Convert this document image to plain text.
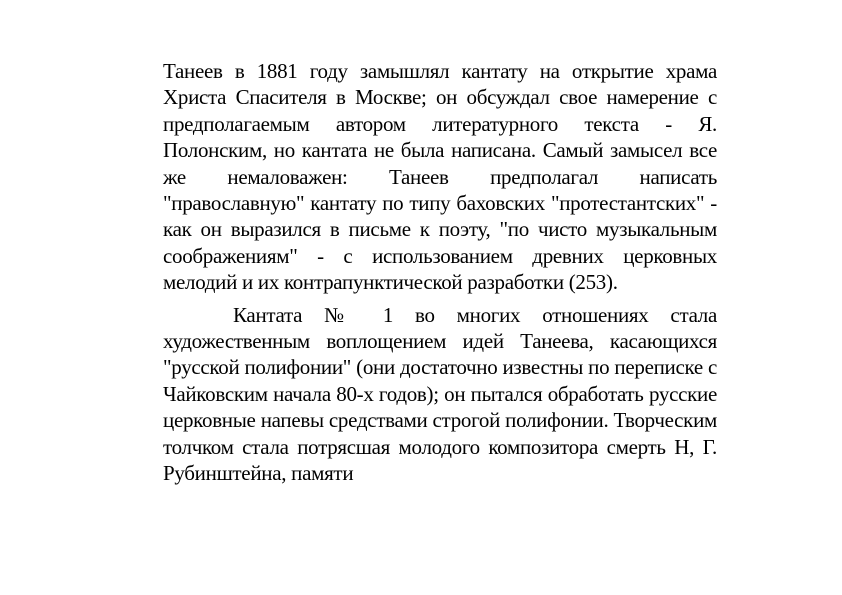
Танеев в 1881 году замышлял кантату на открытие храма Христа Спасителя в Москве; он обсуждал свое намерение с предполагаемым автором литературного текста - Я. Полонским, но кантата не была написана. Самый замысел все же немаловажен: Танеев предполагал написать "православную" кантату по типу баховских "протестантских" - как он выразился в письме к поэту, "по чисто музыкальным соображениям" - с использованием древних церковных мелодий и их контрапунктической разработки (253).

Кантата № 1 во многих отношениях стала художественным воплощением идей Танеева, касающихся "русской полифонии" (они достаточно известны по переписке с Чайковским начала 80-х годов); он пытался обработать русские церковные напевы средствами строгой полифонии. Творческим толчком стала потрясшая молодого композитора смерть Н, Г. Рубинштейна, памяти
